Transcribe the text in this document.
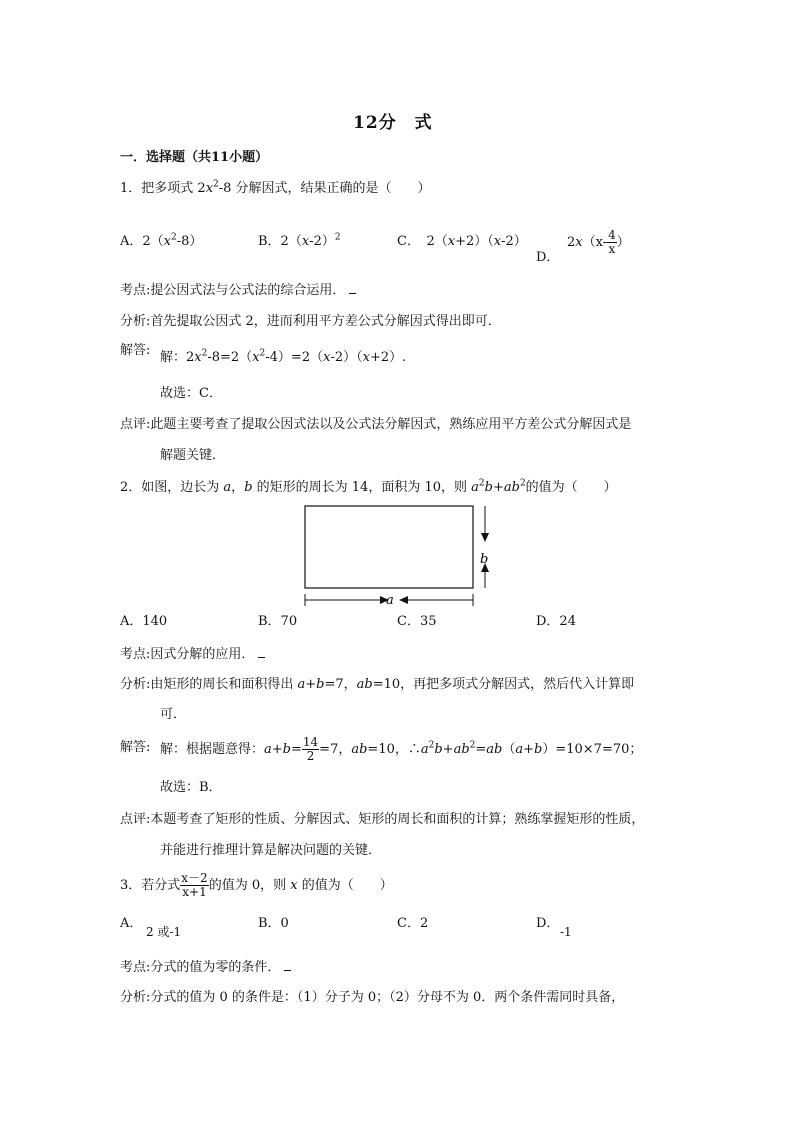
12分　式
一．选择题（共11小题）
1．把多项式 $2x^2-8$ 分解因式，结果正确的是（　　）
A．$2(x^2-8)$	B．$2(x-2)^2$	C．　2（x+2）（x-2）
D．
$2x(x- \frac{4}{x}$ ）
考点:提公因式法与公式法的综合运用．
分析:首先提取公因式 2，进而利用平方差公式分解因式得出即可．
解答: 解：$2x^2-8=2(x^2-4)=2(x-2)(x+2)$.
故选：C．
点评:此题主要考查了提取公因式法以及公式法分解因式，熟练应用平方差公式分解因式是
解题关键．
2．如图，边长为 a，b 的矩形的周长为 14，面积为 10，则 $a^2b+ab^2$的值为（　　）
b
a
A．140	B．70	C．35	D．24
考点:因式分解的应用．
分析:由矩形的周长和面积得出 a+b=7，ab=10，再把多项式分解因式，然后代入计算即
可．
解答: 解：根据题意得：$a+b= \frac{14}{2} =7$，ab=10，$\therefore a^2b+ab^2=ab(a+b)=10\times 7=70$；
故选：B．
点评:本题考查了矩形的性质、分解因式、矩形的周长和面积的计算；熟练掌握矩形的性质，
并能进行推理计算是解决问题的关键．
3．若分式 $\frac{x-2}{x+1}$ 的值为 0，则 x 的值为（　　）
A．
2 或-1
B．0	C．2	D．
-1
考点:分式的值为零的条件．
分析:分式的值为 0 的条件是：（1）分子为 0；（2）分母不为 0．两个条件需同时具备，
